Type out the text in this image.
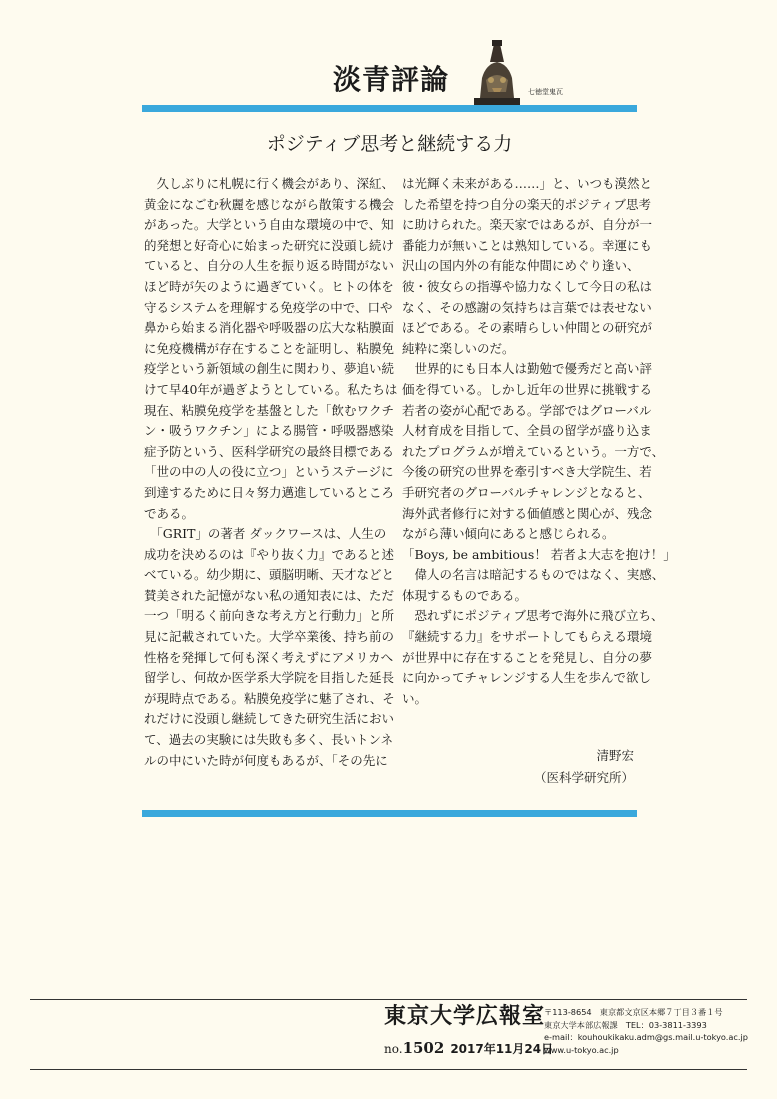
淡青評論	七徳堂鬼瓦
ポジティブ思考と継続する力

　久しぶりに札幌に行く機会があり、深紅、

黄金になごむ秋麗を感じながら散策する機会

があった。大学という自由な環境の中で、知

的発想と好奇心に始まった研究に没頭し続け

ていると、自分の人生を振り返る時間がない

ほど時が矢のように過ぎていく。ヒトの体を

守るシステムを理解する免疫学の中で、口や

鼻から始まる消化器や呼吸器の広大な粘膜面

に免疫機構が存在することを証明し、粘膜免

疫学という新領域の創生に関わり、夢追い続

けて早40年が過ぎようとしている。私たちは

現在、粘膜免疫学を基盤とした「飲むワクチ

ン・吸うワクチン」による腸管・呼吸器感染

症予防という、医科学研究の最終目標である

「世の中の人の役に立つ」というステージに

到達するために日々努力邁進しているところ

である。

　「GRIT」の著者 ダックワースは、人生の

成功を決めるのは『やり抜く力』であると述

べている。幼少期に、頭脳明晰、天才などと

賛美された記憶がない私の通知表には、ただ

一つ「明るく前向きな考え方と行動力」と所

見に記載されていた。大学卒業後、持ち前の

性格を発揮して何も深く考えずにアメリカへ

留学し、何故か医学系大学院を目指した延長

が現時点である。粘膜免疫学に魅了され、そ

れだけに没頭し継続してきた研究生活におい

て、過去の実験には失敗も多く、長いトンネ

ルの中にいた時が何度もあるが、「その先に

は光輝く未来がある……」と、いつも漠然と

した希望を持つ自分の楽天的ポジティブ思考

に助けられた。楽天家ではあるが、自分が一

番能力が無いことは熟知している。幸運にも

沢山の国内外の有能な仲間にめぐり逢い、

彼・彼女らの指導や協力なくして今日の私は

なく、その感謝の気持ちは言葉では表せない

ほどである。その素晴らしい仲間との研究が

純粋に楽しいのだ。

　世界的にも日本人は勤勉で優秀だと高い評

価を得ている。しかし近年の世界に挑戦する

若者の姿が心配である。学部ではグローバル

人材育成を目指して、全員の留学が盛り込ま

れたプログラムが増えているという。一方で、

今後の研究の世界を牽引すべき大学院生、若

手研究者のグローバルチャレンジとなると、

海外武者修行に対する価値感と関心が、残念

ながら薄い傾向にあると感じられる。

「Boys, be ambitious！ 若者よ大志を抱け！」

　偉人の名言は暗記するものではなく、実感、

体現するものである。

　恐れずにポジティブ思考で海外に飛び立ち、

『継続する力』をサポートしてもらえる環境

が世界中に存在することを発見し、自分の夢

に向かってチャレンジする人生を歩んで欲し

い。

清野宏
（医科学研究所）
東京大学広報室
no.1502 2017年11月24日
〒113-8654　東京都文京区本郷７丁目３番１号
東京大学本部広報課　TEL：03-3811-3393
e-mail：kouhoukikaku.adm@gs.mail.u-tokyo.ac.jp
www.u-tokyo.ac.jp
